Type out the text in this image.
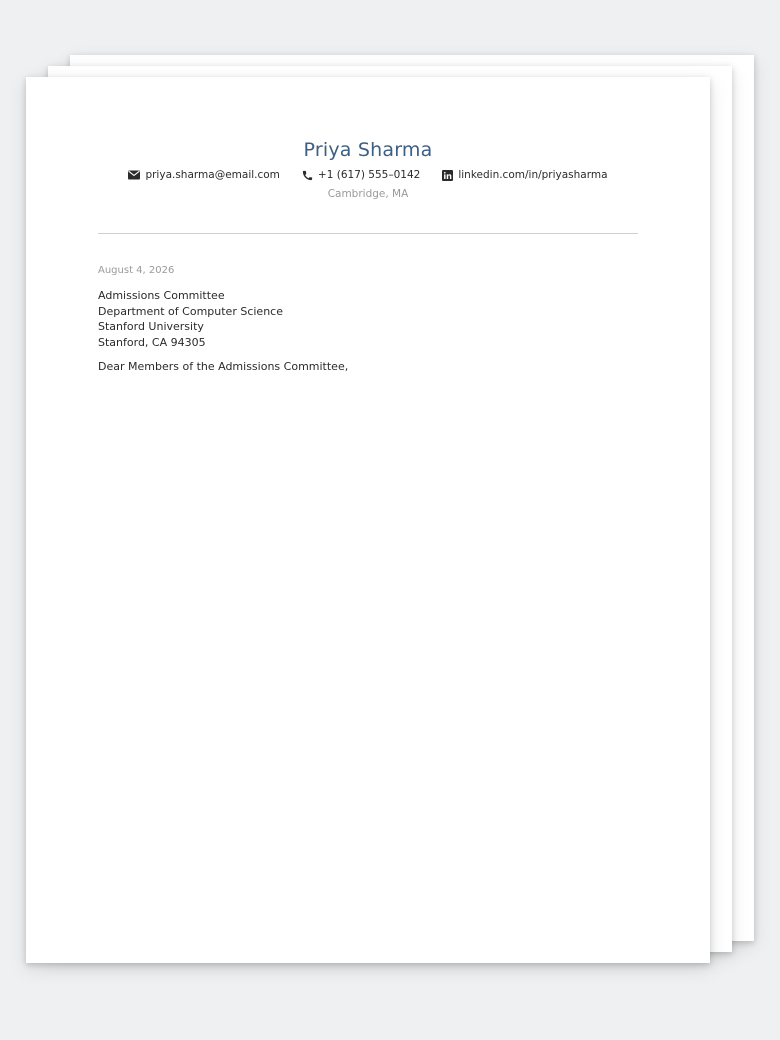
Priya Sharma
priya.sharma@email.com	+1 (617) 555–0142	linkedin.com/in/priyasharma
Cambridge, MA
August 4, 2026
Admissions Committee
Department of Computer Science
Stanford University
Stanford, CA 94305
Dear Members of the Admissions Committee,
